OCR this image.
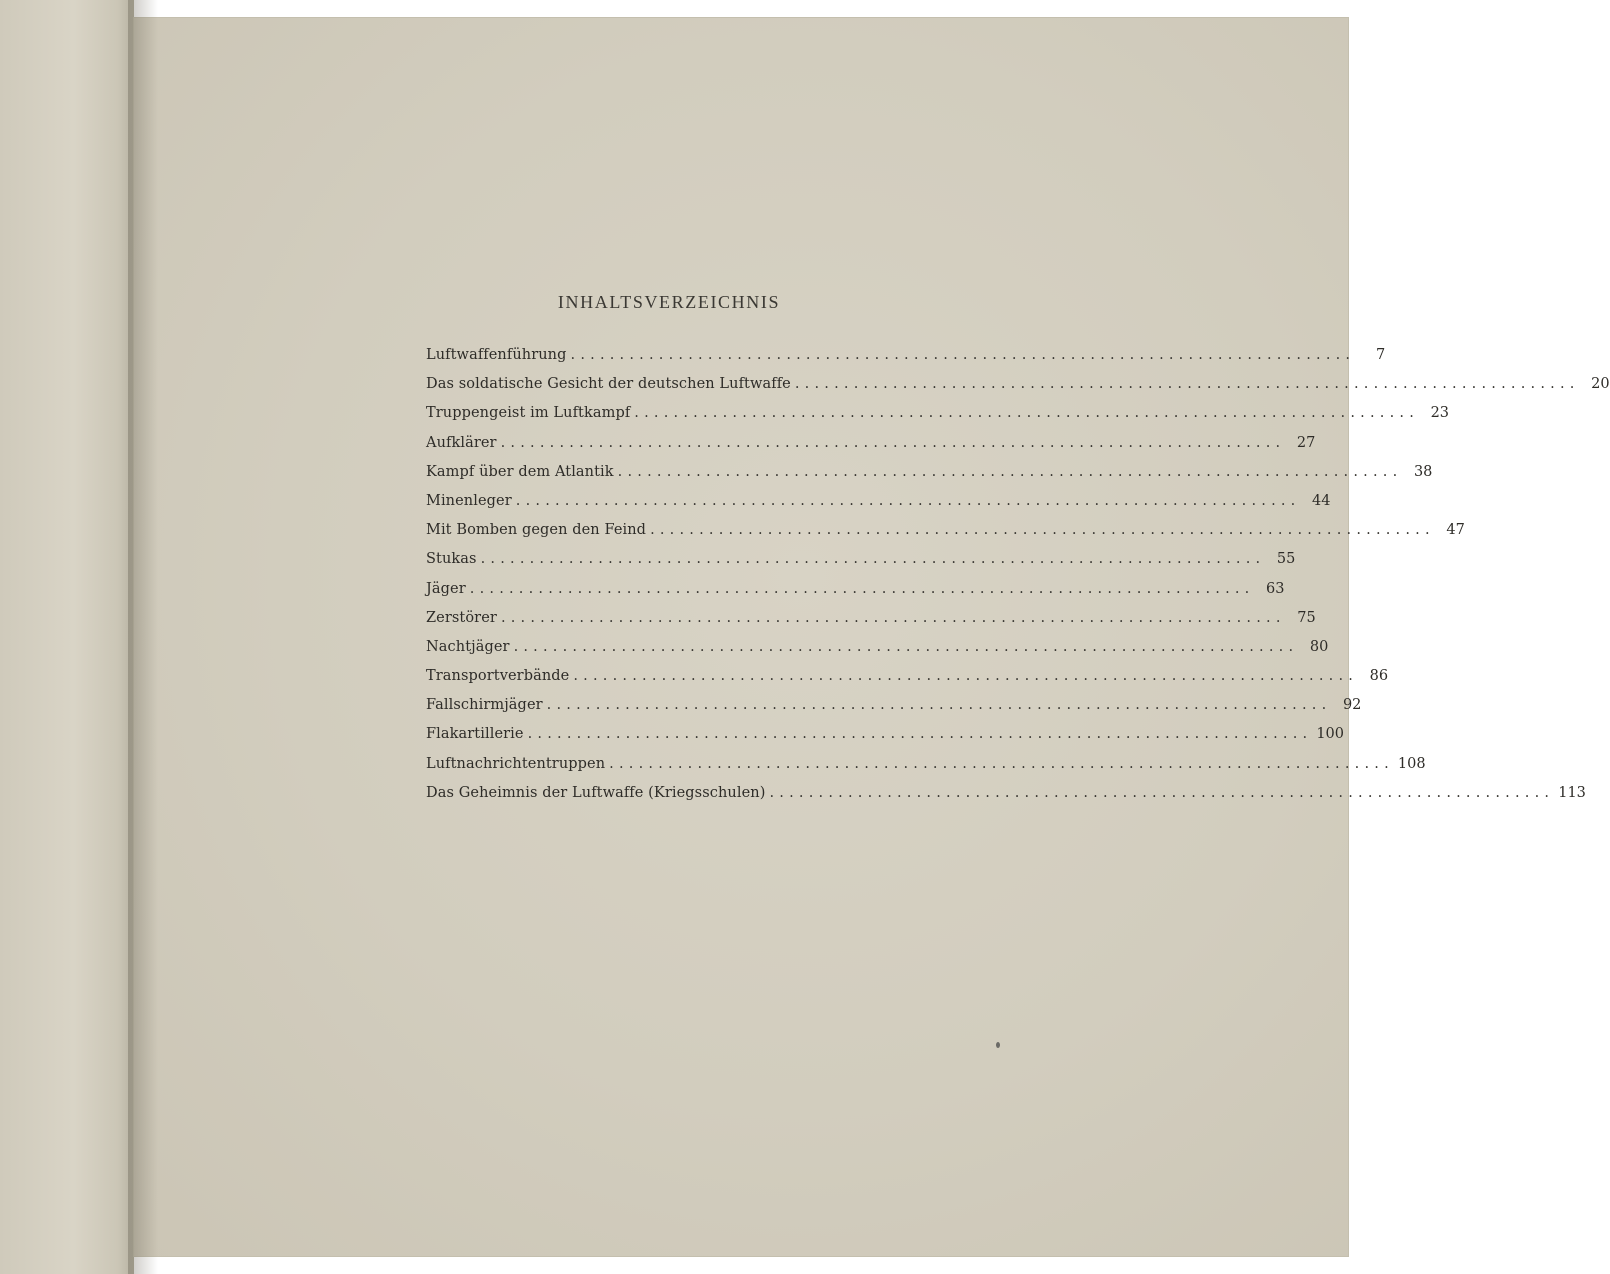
INHALTSVERZEICHNIS
Luftwaffenführung ................................................................................	7
Das soldatische Gesicht der deutschen Luftwaffe ................................................................................ 20
Truppengeist im Luftkampf ................................................................................ 23
Aufklärer ................................................................................ 27
Kampf über dem Atlantik ................................................................................ 38
Minenleger ................................................................................ 44
Mit Bomben gegen den Feind ................................................................................ 47
Stukas ................................................................................ 55
Jäger ................................................................................ 63
Zerstörer ................................................................................ 75
Nachtjäger ................................................................................ 80
Transportverbände ................................................................................ 86
Fallschirmjäger ................................................................................ 92
Flakartillerie ................................................................................ 100
Luftnachrichtentruppen ................................................................................ 108
Das Geheimnis der Luftwaffe (Kriegsschulen) ................................................................................ 113
